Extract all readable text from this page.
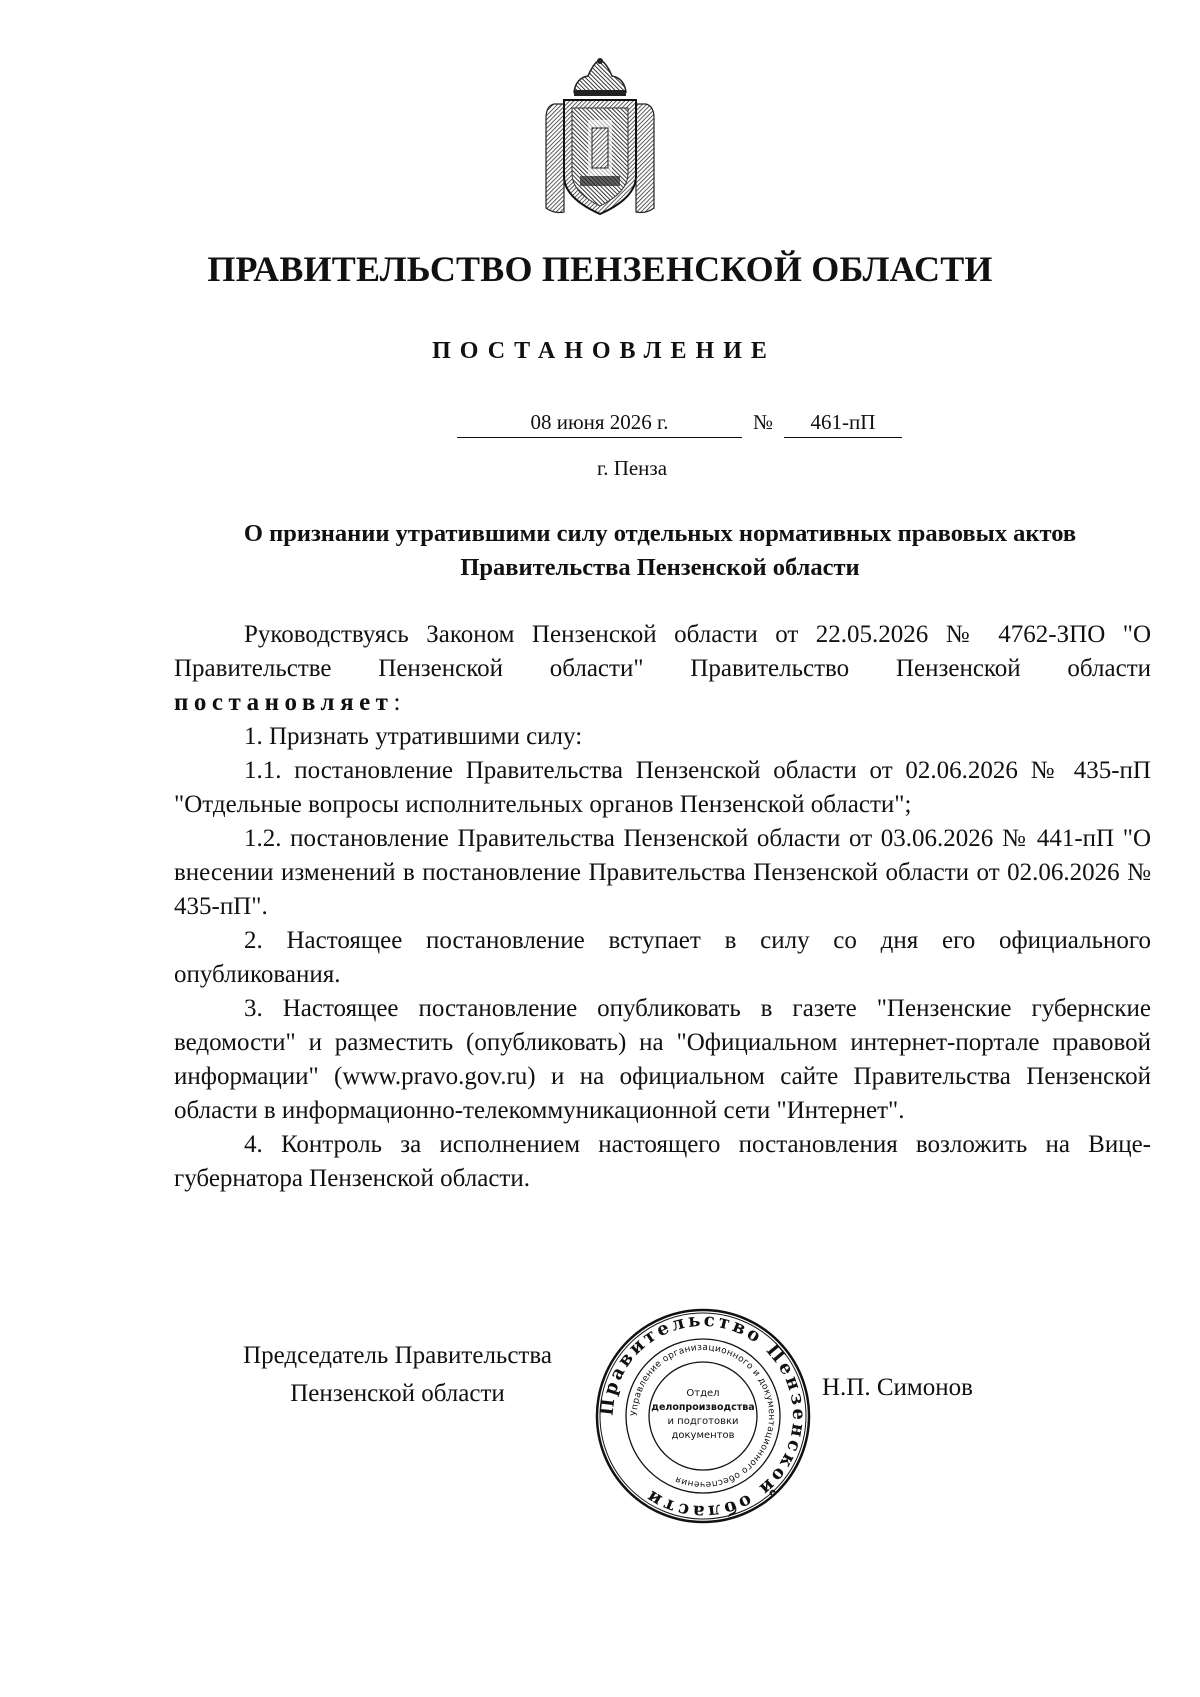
ПРАВИТЕЛЬСТВО ПЕНЗЕНСКОЙ ОБЛАСТИ
ПОСТАНОВЛЕНИЕ
08 июня 2026 г.	№	461-пП
г. Пенза
О признании утратившими силу отдельных нормативных правовых актов
Правительства Пензенской области

Руководствуясь Законом Пензенской области от 22.05.2026 № 4762-ЗПО "О Правительстве Пензенской области" Правительство Пензенской области постановляет:

1. Признать утратившими силу:

1.1. постановление Правительства Пензенской области от 02.06.2026 № 435-пП "Отдельные вопросы исполнительных органов Пензенской области";

1.2. постановление Правительства Пензенской области от 03.06.2026 № 441-пП "О внесении изменений в постановление Правительства Пензенской области от 02.06.2026 № 435-пП".

2. Настоящее постановление вступает в силу со дня его официального опубликования.

3. Настоящее постановление опубликовать в газете "Пензенские губернские ведомости" и разместить (опубликовать) на "Официальном интернет-портале правовой информации" (www.pravo.gov.ru) и на официальном сайте Правительства Пензенской области в информационно-телекоммуникационной сети "Интернет".

4. Контроль за исполнением настоящего постановления возложить на Вице-губернатора Пензенской области.

Председатель Правительства
Пензенской области	Правительство Пензенской области
Управление организационного и документационного обеспечения
Отдел
делопроизводства
и подготовки
документов
Н.П. Симонов
